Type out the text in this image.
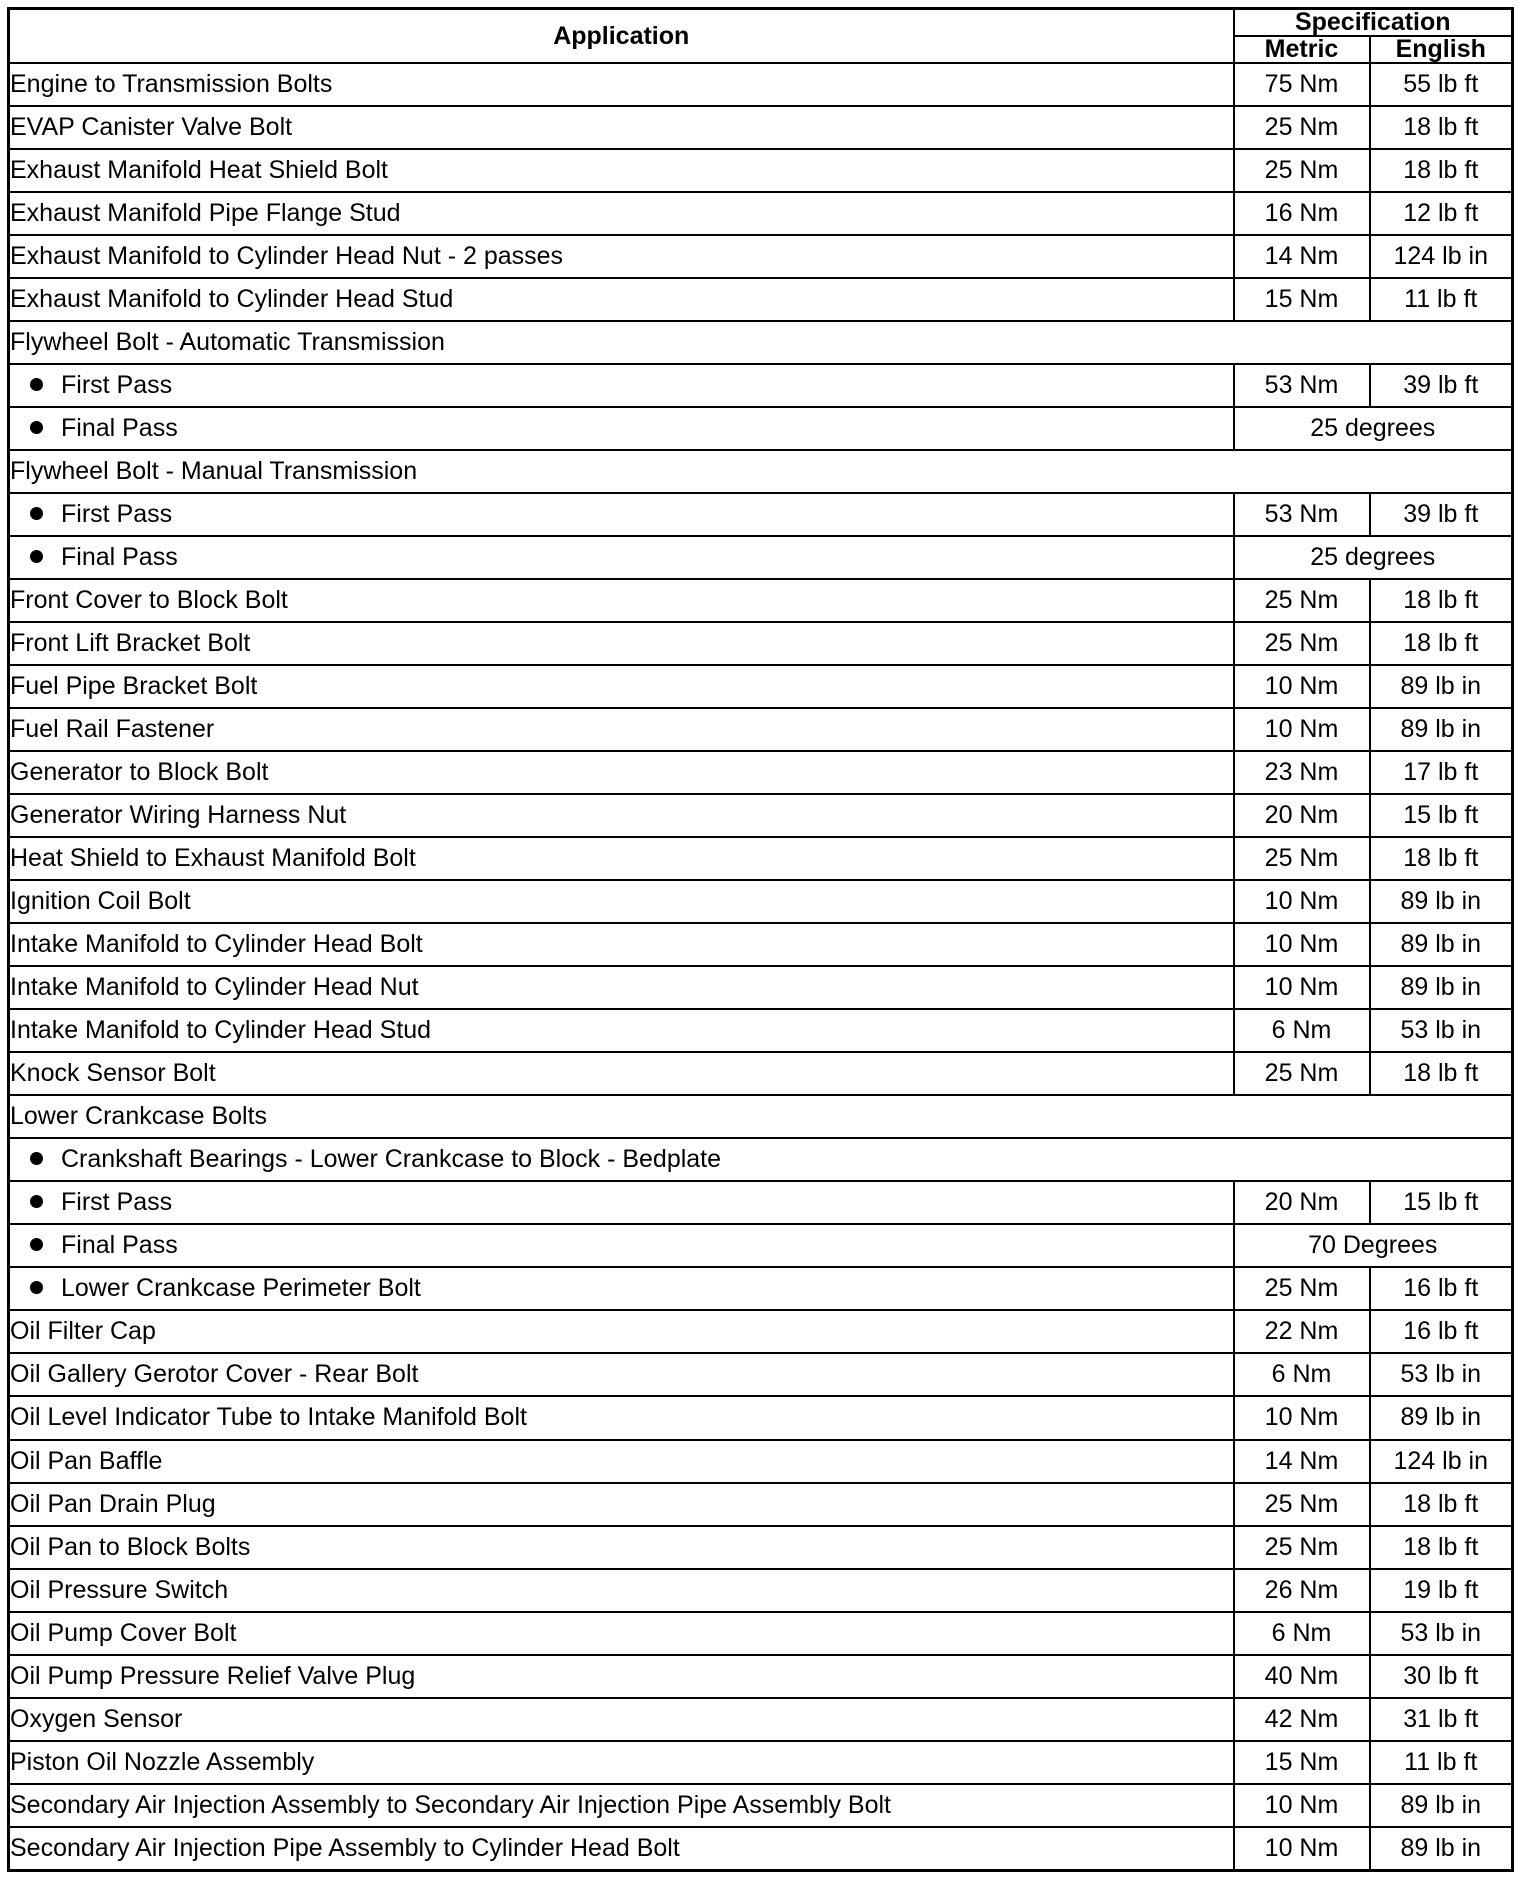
Application	Specification	
	Metric	English
Engine to Transmission Bolts	75 Nm	55 lb ft
EVAP Canister Valve Bolt	25 Nm	18 lb ft
Exhaust Manifold Heat Shield Bolt	25 Nm	18 lb ft
Exhaust Manifold Pipe Flange Stud	16 Nm	12 lb ft
Exhaust Manifold to Cylinder Head Nut - 2 passes	14 Nm	124 lb in
Exhaust Manifold to Cylinder Head Stud	15 Nm	11 lb ft
Flywheel Bolt - Automatic Transmission		
First Pass	53 Nm	39 lb ft
Final Pass	25 degrees	
Flywheel Bolt - Manual Transmission		
First Pass	53 Nm	39 lb ft
Final Pass	25 degrees	
Front Cover to Block Bolt	25 Nm	18 lb ft
Front Lift Bracket Bolt	25 Nm	18 lb ft
Fuel Pipe Bracket Bolt	10 Nm	89 lb in
Fuel Rail Fastener	10 Nm	89 lb in
Generator to Block Bolt	23 Nm	17 lb ft
Generator Wiring Harness Nut	20 Nm	15 lb ft
Heat Shield to Exhaust Manifold Bolt	25 Nm	18 lb ft
Ignition Coil Bolt	10 Nm	89 lb in
Intake Manifold to Cylinder Head Bolt	10 Nm	89 lb in
Intake Manifold to Cylinder Head Nut	10 Nm	89 lb in
Intake Manifold to Cylinder Head Stud	6 Nm	53 lb in
Knock Sensor Bolt	25 Nm	18 lb ft
Lower Crankcase Bolts		
Crankshaft Bearings - Lower Crankcase to Block - Bedplate		
First Pass	20 Nm	15 lb ft
Final Pass	70 Degrees	
Lower Crankcase Perimeter Bolt	25 Nm	16 lb ft
Oil Filter Cap	22 Nm	16 lb ft
Oil Gallery Gerotor Cover - Rear Bolt	6 Nm	53 lb in
Oil Level Indicator Tube to Intake Manifold Bolt	10 Nm	89 lb in
Oil Pan Baffle	14 Nm	124 lb in
Oil Pan Drain Plug	25 Nm	18 lb ft
Oil Pan to Block Bolts	25 Nm	18 lb ft
Oil Pressure Switch	26 Nm	19 lb ft
Oil Pump Cover Bolt	6 Nm	53 lb in
Oil Pump Pressure Relief Valve Plug	40 Nm	30 lb ft
Oxygen Sensor	42 Nm	31 lb ft
Piston Oil Nozzle Assembly	15 Nm	11 lb ft
Secondary Air Injection Assembly to Secondary Air Injection Pipe Assembly Bolt	10 Nm	89 lb in
Secondary Air Injection Pipe Assembly to Cylinder Head Bolt	10 Nm	89 lb in
